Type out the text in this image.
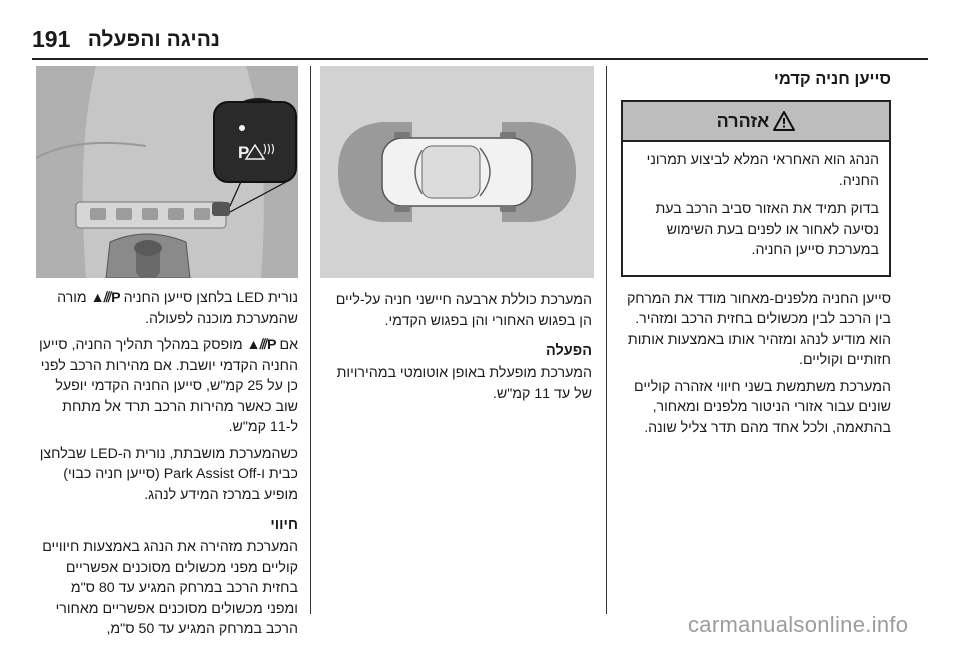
191 נהיגה והפעלה
סייען חניה קדמי
אזהרה

הנהג הוא האחראי המלא לביצוע תמרוני החניה.

בדוק תמיד את האזור סביב הרכב בעת נסיעה לאחור או לפנים בעת השימוש במערכת סייען החניה.

סייען החניה מלפנים-מאחור מודד את המרחק בין הרכב לבין מכשולים בחזית הרכב ומזהיר. הוא מודיע לנהג ומזהיר אותו באמצעות אותות חזותיים וקוליים.

המערכת משתמשת בשני חיווי אזהרה קוליים שונים עבור אזורי הניטור מלפנים ומאחור, בהתאמה, ולכל אחד מהם תדר צליל שונה.

המערכת כוללת ארבעה חיישני חניה על-ליים הן בפגוש האחורי והן בפגוש הקדמי.

הפעלה

המערכת מופעלת באופן אוטומטי במהירויות של עד 11 קמ"ש.

P

נורית LED בלחצן סייען החניה P⫻▲ מורה שהמערכת מוכנה לפעולה.

אם P⫻▲ מופסק במהלך תהליך החניה, סייען החניה הקדמי יושבת. אם מהירות הרכב לפני כן על 25 קמ"ש, סייען החניה הקדמי יופעל שוב כאשר מהירות הרכב תרד אל מתחת ל-11 קמ"ש.

כשהמערכת מושבתת, נורית ה-LED שבלחצן כבית ו-Park Assist Off (סייען חניה כבוי) מופיע במרכז המידע לנהג.

חיווי

המערכת מזהירה את הנהג באמצעות חיוויים קוליים מפני מכשולים מסוכנים אפשריים בחזית הרכב במרחק המגיע עד 80 ס"מ ומפני מכשולים מסוכנים אפשריים מאחורי הרכב במרחק המגיע עד 50 ס"מ,	carmanualsonline.info
